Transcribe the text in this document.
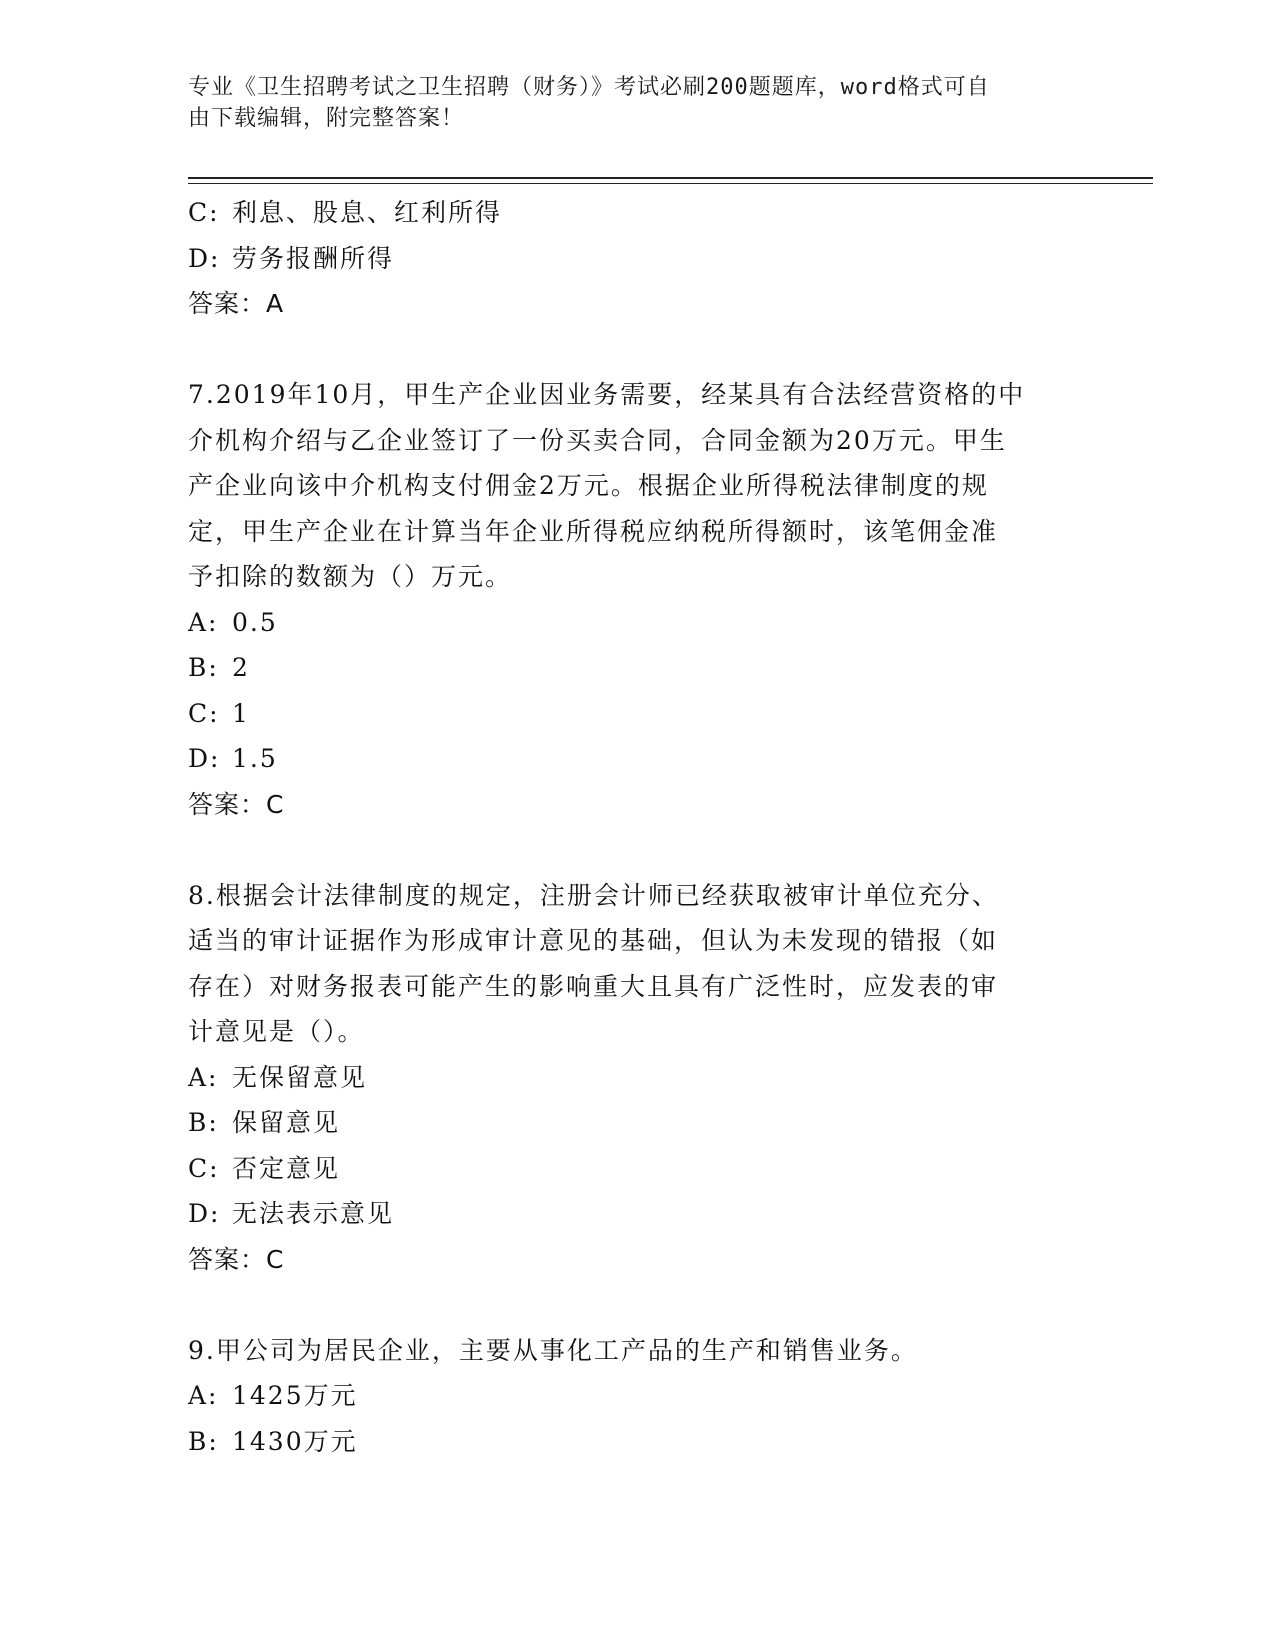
专业《卫生招聘考试之卫生招聘（财务）》考试必刷200题题库，word格式可自
由下载编辑，附完整答案！
C: 利息、股息、红利所得
D: 劳务报酬所得
答案：A
7.2019年10月，甲生产企业因业务需要，经某具有合法经营资格的中
介机构介绍与乙企业签订了一份买卖合同，合同金额为20万元。甲生
产企业向该中介机构支付佣金2万元。根据企业所得税法律制度的规
定，甲生产企业在计算当年企业所得税应纳税所得额时，该笔佣金准
予扣除的数额为（）万元。
A: 0.5
B: 2
C: 1
D: 1.5
答案：C
8.根据会计法律制度的规定，注册会计师已经获取被审计单位充分、
适当的审计证据作为形成审计意见的基础，但认为未发现的错报（如
存在）对财务报表可能产生的影响重大且具有广泛性时，应发表的审
计意见是（）。
A: 无保留意见
B: 保留意见
C: 否定意见
D: 无法表示意见
答案：C
9.甲公司为居民企业，主要从事化工产品的生产和销售业务。
A: 1425万元
B: 1430万元
